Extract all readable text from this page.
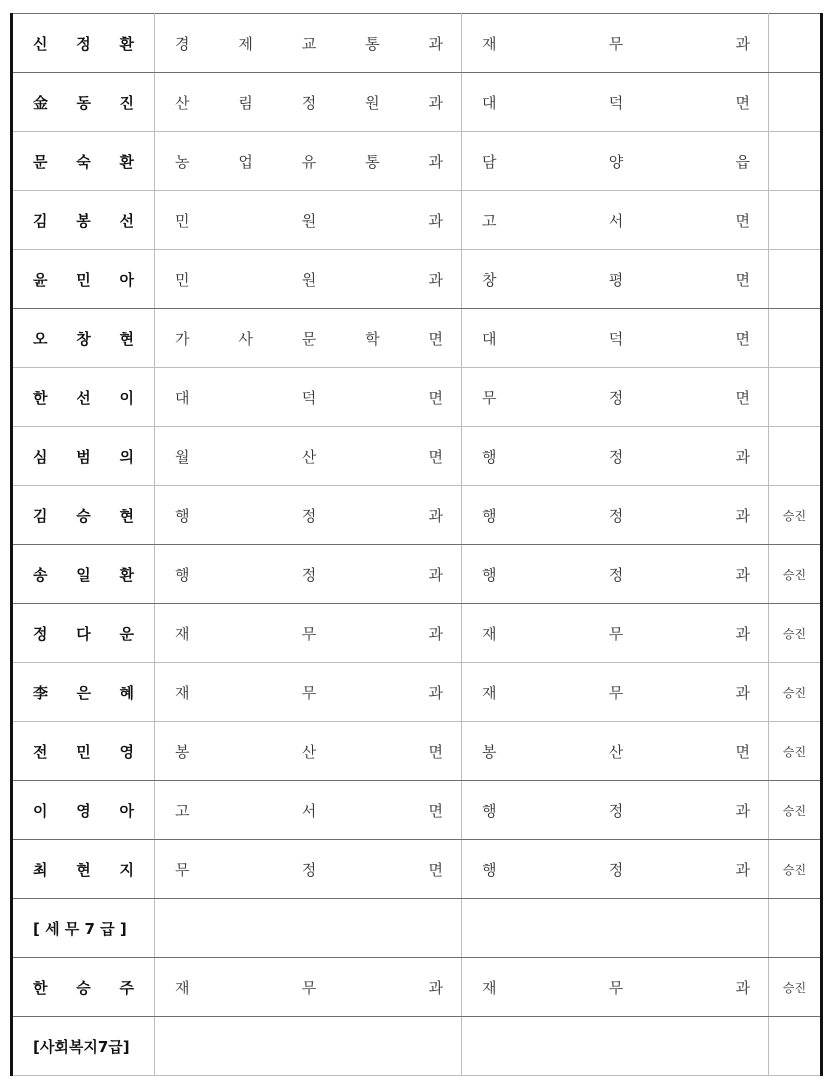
신 정 환	경 제 교 통 과	재 무 과	

金 동 진	산 림 정 원 과	대 덕 면	

문 숙 환	농 업 유 통 과	담 양 읍	

김 봉 선	민 원 과	고 서 면	

윤 민 아	민 원 과	창 평 면	

오 창 현	가 사 문 학 면	대 덕 면	

한 선 이	대 덕 면	무 정 면	

심 범 의	월 산 면	행 정 과	

김 승 현	행 정 과	행 정 과	승진

송 일 환	행 정 과	행 정 과	승진

정 다 운	재 무 과	재 무 과	승진

李 은 혜	재 무 과	재 무 과	승진

전 민 영	봉 산 면	봉 산 면	승진

이 영 아	고 서 면	행 정 과	승진

최 현 지	무 정 면	행 정 과	승진

[ 세 무 7 급 ]			

한 승 주	재 무 과	재 무 과	승진

[사회복지7급]			
